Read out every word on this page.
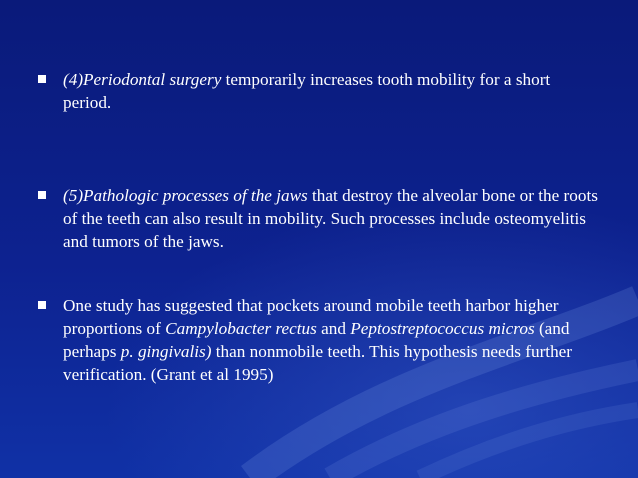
(4)Periodontal surgery temporarily increases tooth mobility for a short period.
(5)Pathologic processes of the jaws that destroy the alveolar bone or the roots of the teeth can also result in mobility. Such processes include osteomyelitis and tumors of the jaws.
One study has suggested that pockets around mobile teeth harbor higher proportions of Campylobacter rectus and Peptostreptococcus micros (and perhaps p. gingivalis) than nonmobile teeth. This hypothesis needs further verification. (Grant et al 1995)
